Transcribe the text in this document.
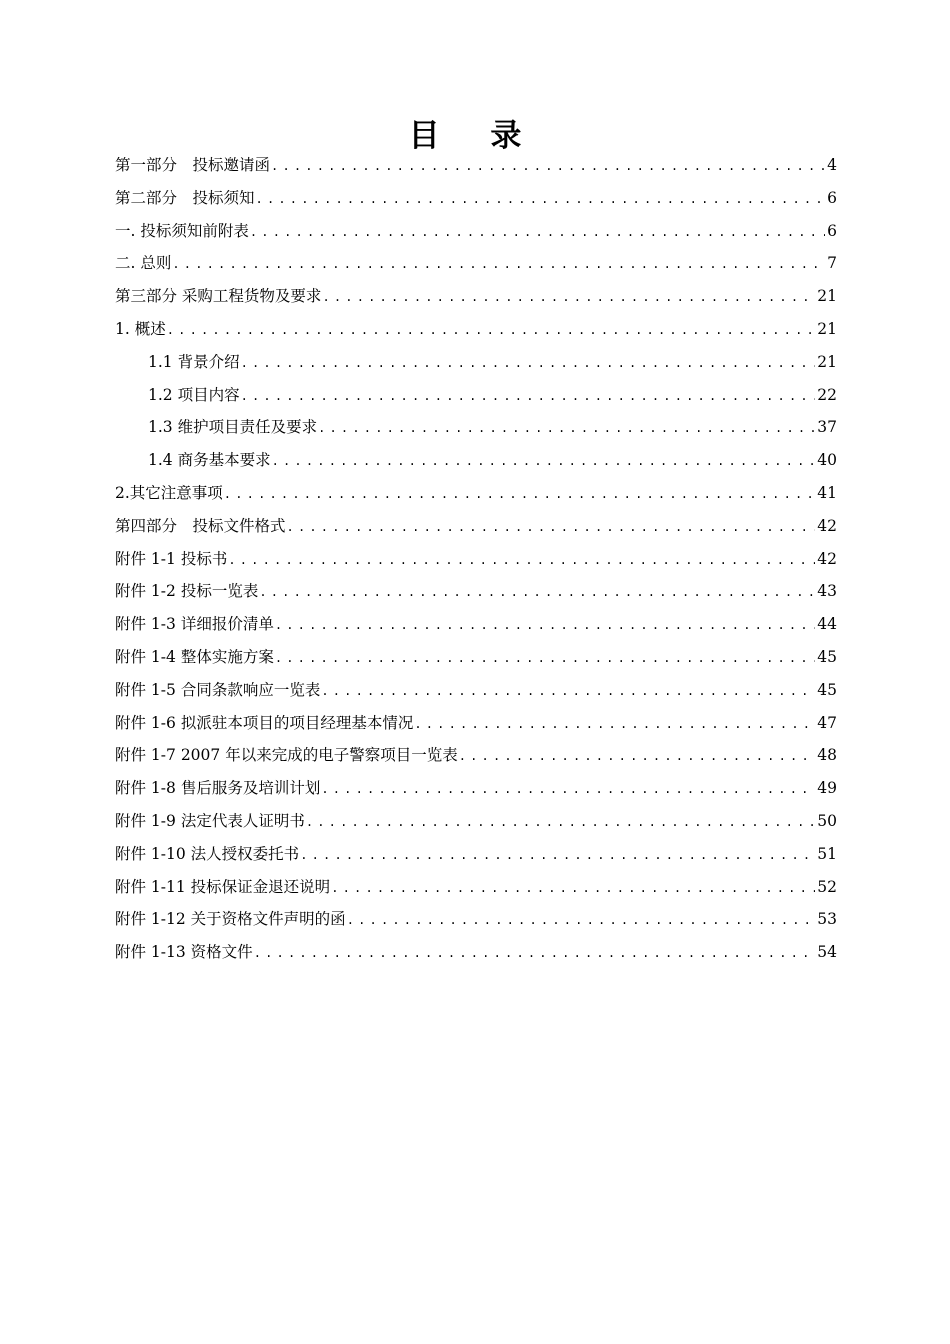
目 录
第一部分　投标邀请函 .....	4
第二部分　投标须知 .....	6
一. 投标须知前附表 .....	6
二. 总则 .....	7
第三部分 采购工程货物及要求 .....	21
1. 概述 .....	21
1.1 背景介绍 .....	21
1.2 项目内容 .....	22
1.3 维护项目责任及要求 .....	37
1.4 商务基本要求 .....	40
2.其它注意事项 .....	41
第四部分　投标文件格式 .....	42
附件 1-1 投标书 .....	42
附件 1-2 投标一览表 .....	43
附件 1-3 详细报价清单 .....	44
附件 1-4 整体实施方案 .....	45
附件 1-5 合同条款响应一览表 .....	45
附件 1-6 拟派驻本项目的项目经理基本情况 .....	47
附件 1-7 2007 年以来完成的电子警察项目一览表 .....	48
附件 1-8 售后服务及培训计划 .....	49
附件 1-9 法定代表人证明书 .....	50
附件 1-10 法人授权委托书 .....	51
附件 1-11 投标保证金退还说明 .....	52
附件 1-12 关于资格文件声明的函 .....	53
附件 1-13 资格文件 .....	54
